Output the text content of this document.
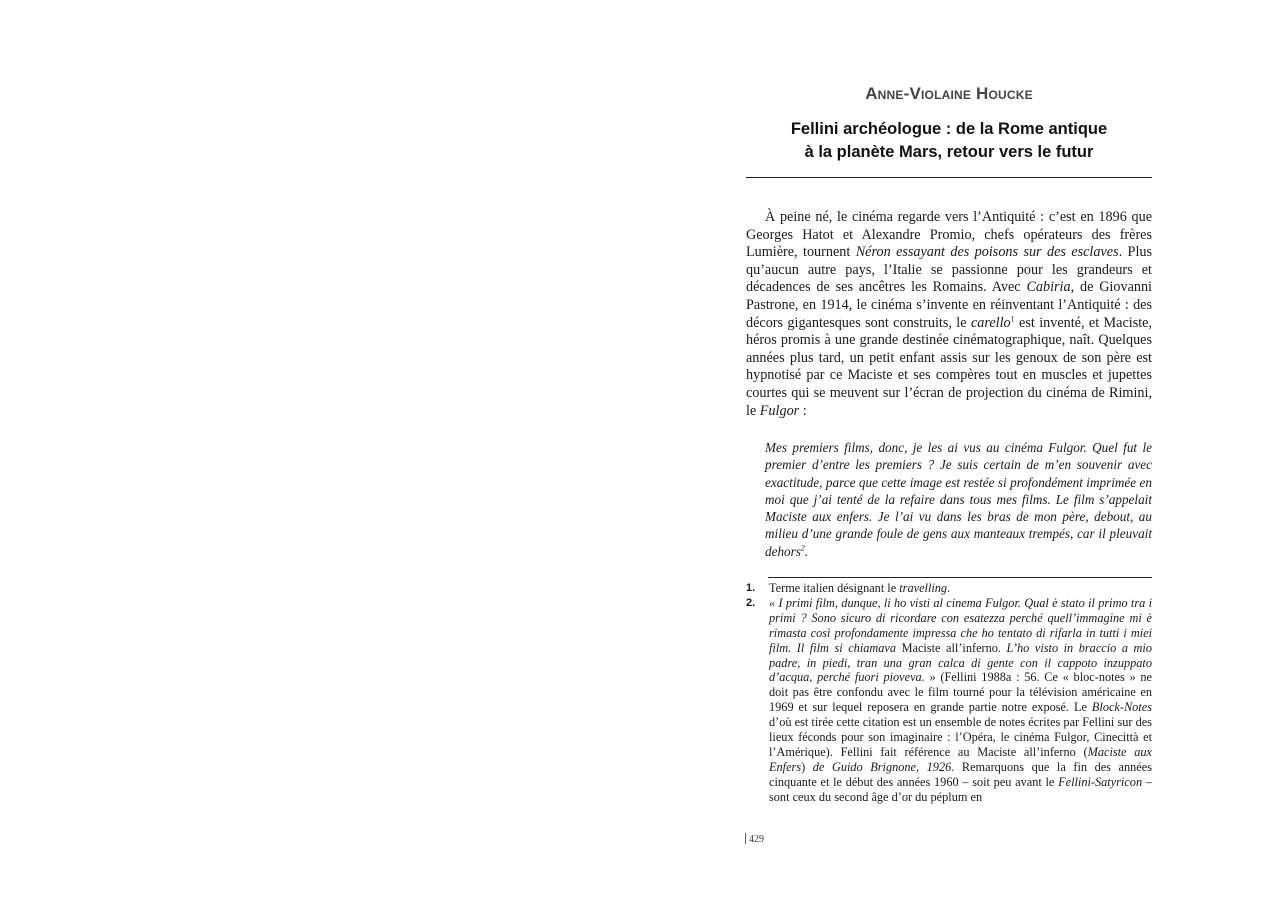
Anne-Violaine Houcke
Fellini archéologue : de la Rome antique
à la planète Mars, retour vers le futur

À peine né, le cinéma regarde vers l’Antiquité : c’est en 1896 que Georges Hatot et Alexandre Promio, chefs opérateurs des frères Lumière, tournent Néron essayant des poisons sur des esclaves. Plus qu’aucun autre pays, l’Italie se passionne pour les grandeurs et décadences de ses ancêtres les Romains. Avec Cabiria, de Giovanni Pastrone, en 1914, le cinéma s’invente en réinventant l’Antiquité : des décors gigantesques sont construits, le carello$^1$ est inventé, et Maciste, héros promis à une grande destinée cinématographique, naît. Quelques années plus tard, un petit enfant assis sur les genoux de son père est hypnotisé par ce Maciste et ses compères tout en muscles et jupettes courtes qui se meuvent sur l’écran de projection du cinéma de Rimini, le Fulgor :

Mes premiers films, donc, je les ai vus au cinéma Fulgor. Quel fut le premier d’entre les premiers ? Je suis certain de m’en souvenir avec exactitude, parce que cette image est restée si profondément imprimée en moi que j’ai tenté de la refaire dans tous mes films. Le film s’appelait Maciste aux enfers. Je l’ai vu dans les bras de mon père, debout, au milieu d’une grande foule de gens aux manteaux trempés, car il pleuvait dehors$^2$.

1.	Terme italien désignant le travelling.
2.	« I primi film, dunque, li ho visti al cinema Fulgor. Qual è stato il primo tra i primi ? Sono sicuro di ricordare con esatezza perché quell’immagine mi è rimasta così profondamente impressa che ho tentato di rifarla in tutti i miei film. Il film si chiamava Maciste all’inferno. L’ho visto in braccio a mio padre, in piedi, tran una gran calca di gente con il cappoto inzuppato d’acqua, perché fuori pioveva. » (Fellini 1988a : 56. Ce « bloc-notes » ne doit pas être confondu avec le film tourné pour la télévision américaine en 1969 et sur lequel reposera en grande partie notre exposé. Le Block-Notes d’où est tirée cette citation est un ensemble de notes écrites par Fellini sur des lieux féconds pour son imaginaire : l’Opéra, le cinéma Fulgor, Cinecittà et l’Amérique). Fellini fait référence au Maciste all’inferno (Maciste aux Enfers) de Guido Brignone, 1926. Remarquons que la fin des années cinquante et le début des années 1960 – soit peu avant le Fellini-Satyricon – sont ceux du second âge d’or du péplum en
429
